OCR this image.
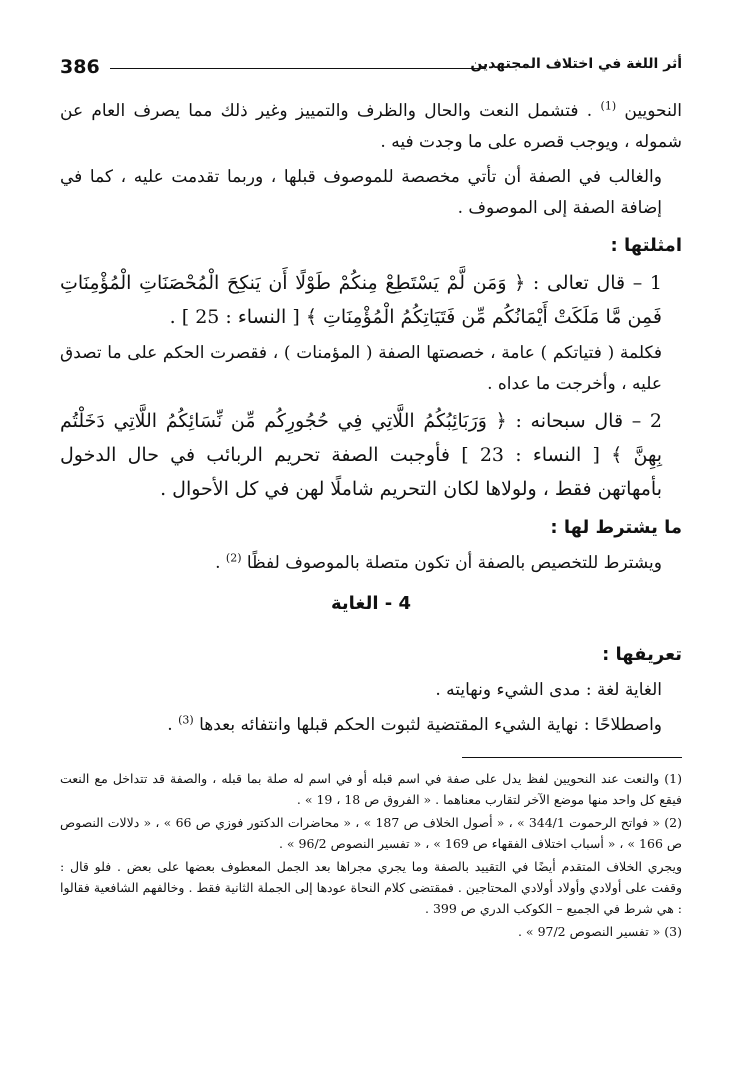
386	أثر اللغة في اختلاف المجتهدين

النحويين $^{(1)}$ . فتشمل النعت والحال والظرف والتمييز وغير ذلك مما يصرف العام عن شموله ، ويوجب قصره على ما وجدت فيه .

والغالب في الصفة أن تأتي مخصصة للموصوف قبلها ، وربما تقدمت عليه ، كما في إضافة الصفة إلى الموصوف .

امثلتها :

1 – قال تعالى : ﴿ وَمَن لَّمْ يَسْتَطِعْ مِنكُمْ طَوْلًا أَن يَنكِحَ الْمُحْصَنَاتِ الْمُؤْمِنَاتِ فَمِن مَّا مَلَكَتْ أَيْمَانُكُم مِّن فَتَيَاتِكُمُ الْمُؤْمِنَاتِ ﴾ [ النساء : 25 ] .

فكلمة ( فتياتكم ) عامة ، خصصتها الصفة ( المؤمنات ) ، فقصرت الحكم على ما تصدق عليه ، وأخرجت ما عداه .

2 – قال سبحانه : ﴿ وَرَبَائِبُكُمُ اللَّاتِي فِي حُجُورِكُم مِّن نِّسَائِكُمُ اللَّاتِي دَخَلْتُم بِهِنَّ ﴾ [ النساء : 23 ] فأوجبت الصفة تحريم الربائب في حال الدخول بأمهاتهن فقط ، ولولاها لكان التحريم شاملًا لهن في كل الأحوال .

ما يشترط لها :

ويشترط للتخصيص بالصفة أن تكون متصلة بالموصوف لفظًا $^{(2)}$ .

4 - الغاية
تعريفها :

الغاية لغة : مدى الشيء ونهايته .

واصطلاحًا : نهاية الشيء المقتضية لثبوت الحكم قبلها وانتفائه بعدها $^{(3)}$ .

(1) والنعت عند النحويين لفظ يدل على صفة في اسم قبله أو في اسم له صلة بما قبله ، والصفة قد تتداخل مع النعت فيقع كل واحد منها موضع الآخر لتقارب معناهما . « الفروق ص 18 ، 19 » .

(2) « فواتح الرحموت 344/1 » ، « أصول الخلاف ص 187 » ، « محاضرات الدكتور فوزي ص 66 » ، « دلالات النصوص ص 166 » ، « أسباب اختلاف الفقهاء ص 169 » ، « تفسير النصوص 96/2 » .

ويجري الخلاف المتقدم أيضًا في التقييد بالصفة وما يجري مجراها بعد الجمل المعطوف بعضها على بعض . فلو قال : وقفت على أولادي وأولاد أولادي المحتاجين . فمقتضى كلام النحاة عودها إلى الجملة الثانية فقط . وخالفهم الشافعية فقالوا : هي شرط في الجميع – الكوكب الدري ص 399 .

(3) « تفسير النصوص 97/2 » .
